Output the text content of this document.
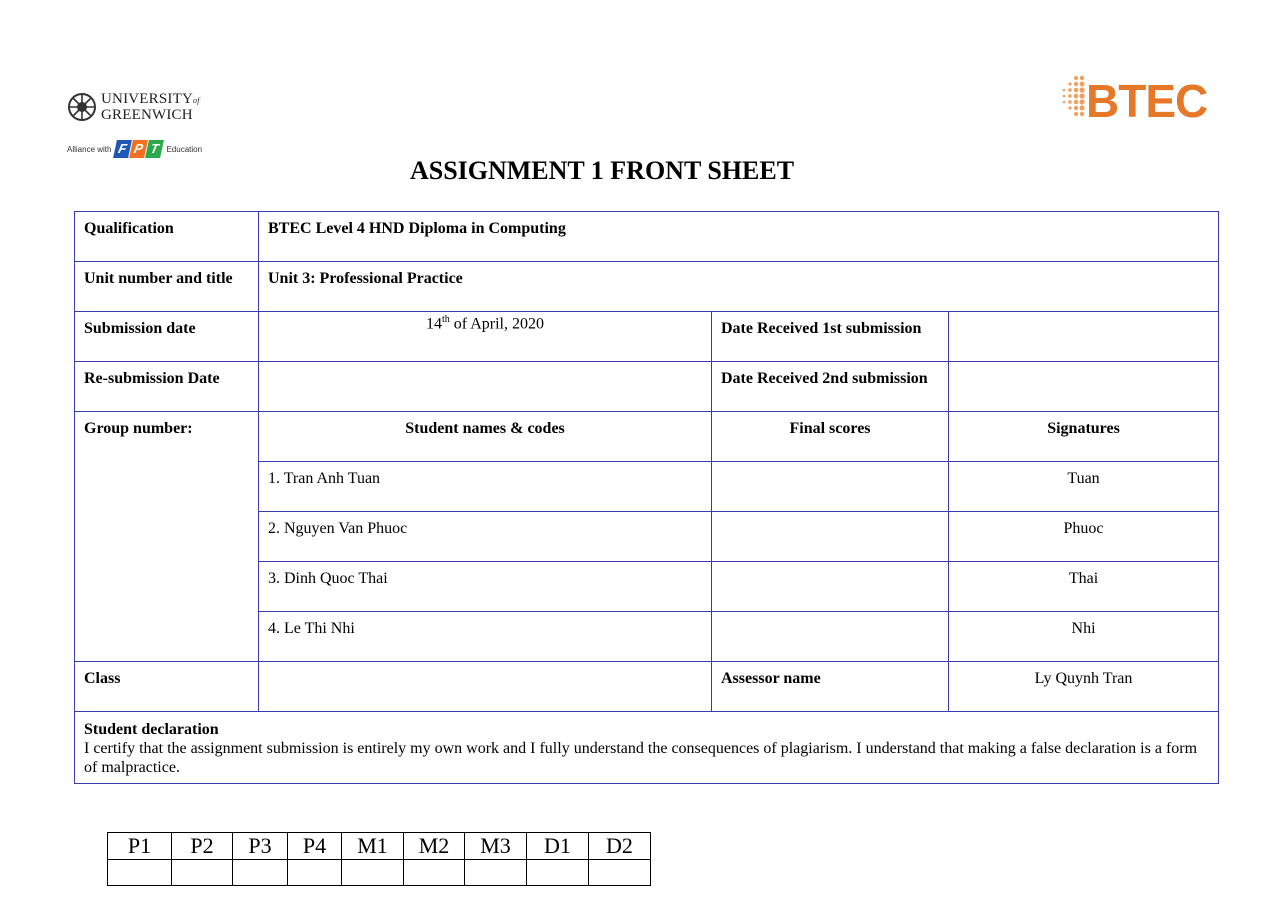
UNIVERSITYof
GREENWICH
Alliance with F P T Education
BTEC
ASSIGNMENT 1 FRONT SHEET
Qualification	BTEC Level 4 HND Diploma in Computing		
Unit number and title	Unit 3: Professional Practice		
Submission date	14th of April, 2020	Date Received 1st submission	
Re-submission Date		Date Received 2nd submission	
Group number:	Student names & codes	Final scores	Signatures
	1. Tran Anh Tuan		Tuan
	2. Nguyen Van Phuoc		Phuoc
	3. Dinh Quoc Thai		Thai
	4. Le Thi Nhi		Nhi
Class		Assessor name	Ly Quynh Tran

Student declaration
I certify that the assignment submission is entirely my own work and I fully understand the consequences of plagiarism. I understand that making a false declaration is a form of malpractice.			
P1	P2	P3	P4	M1	M2	M3	D1	D2
